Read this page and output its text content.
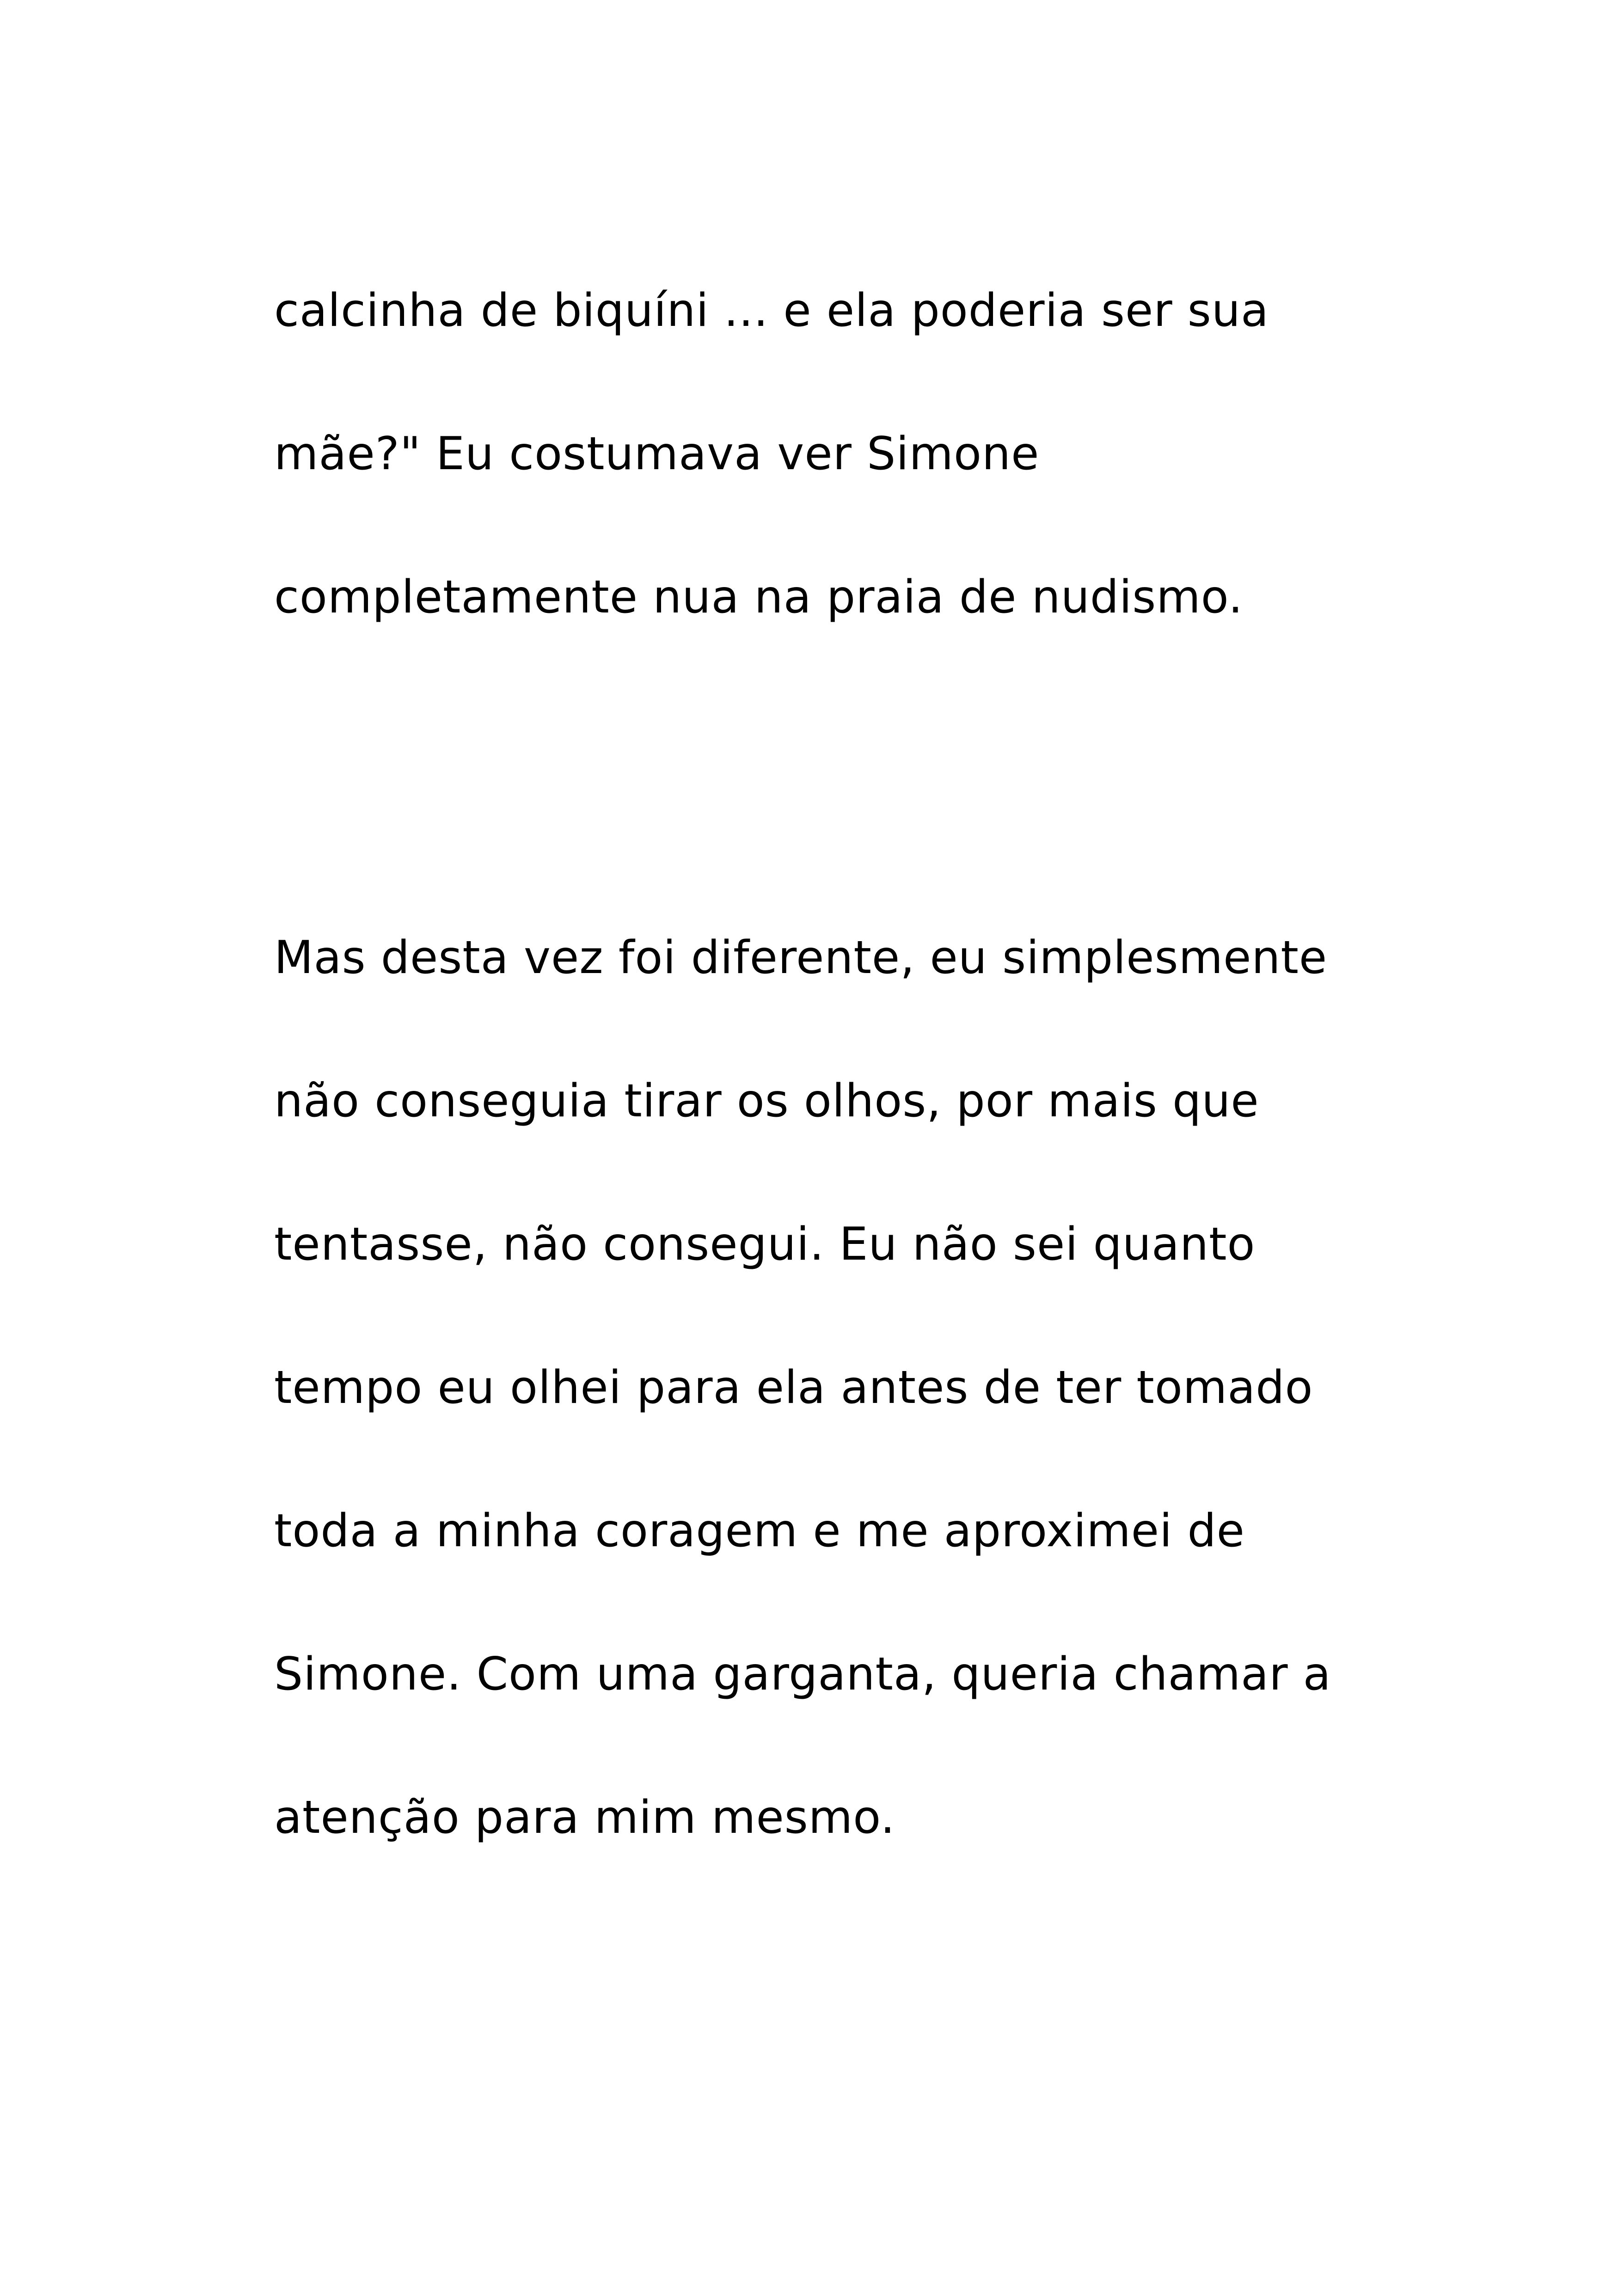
calcinha de biquíni ... e ela poderia ser sua

mãe?" Eu costumava ver Simone

completamente nua na praia de nudismo.

Mas desta vez foi diferente, eu simplesmente

não conseguia tirar os olhos, por mais que

tentasse, não consegui. Eu não sei quanto

tempo eu olhei para ela antes de ter tomado

toda a minha coragem e me aproximei de

Simone. Com uma garganta, queria chamar a

atenção para mim mesmo.
